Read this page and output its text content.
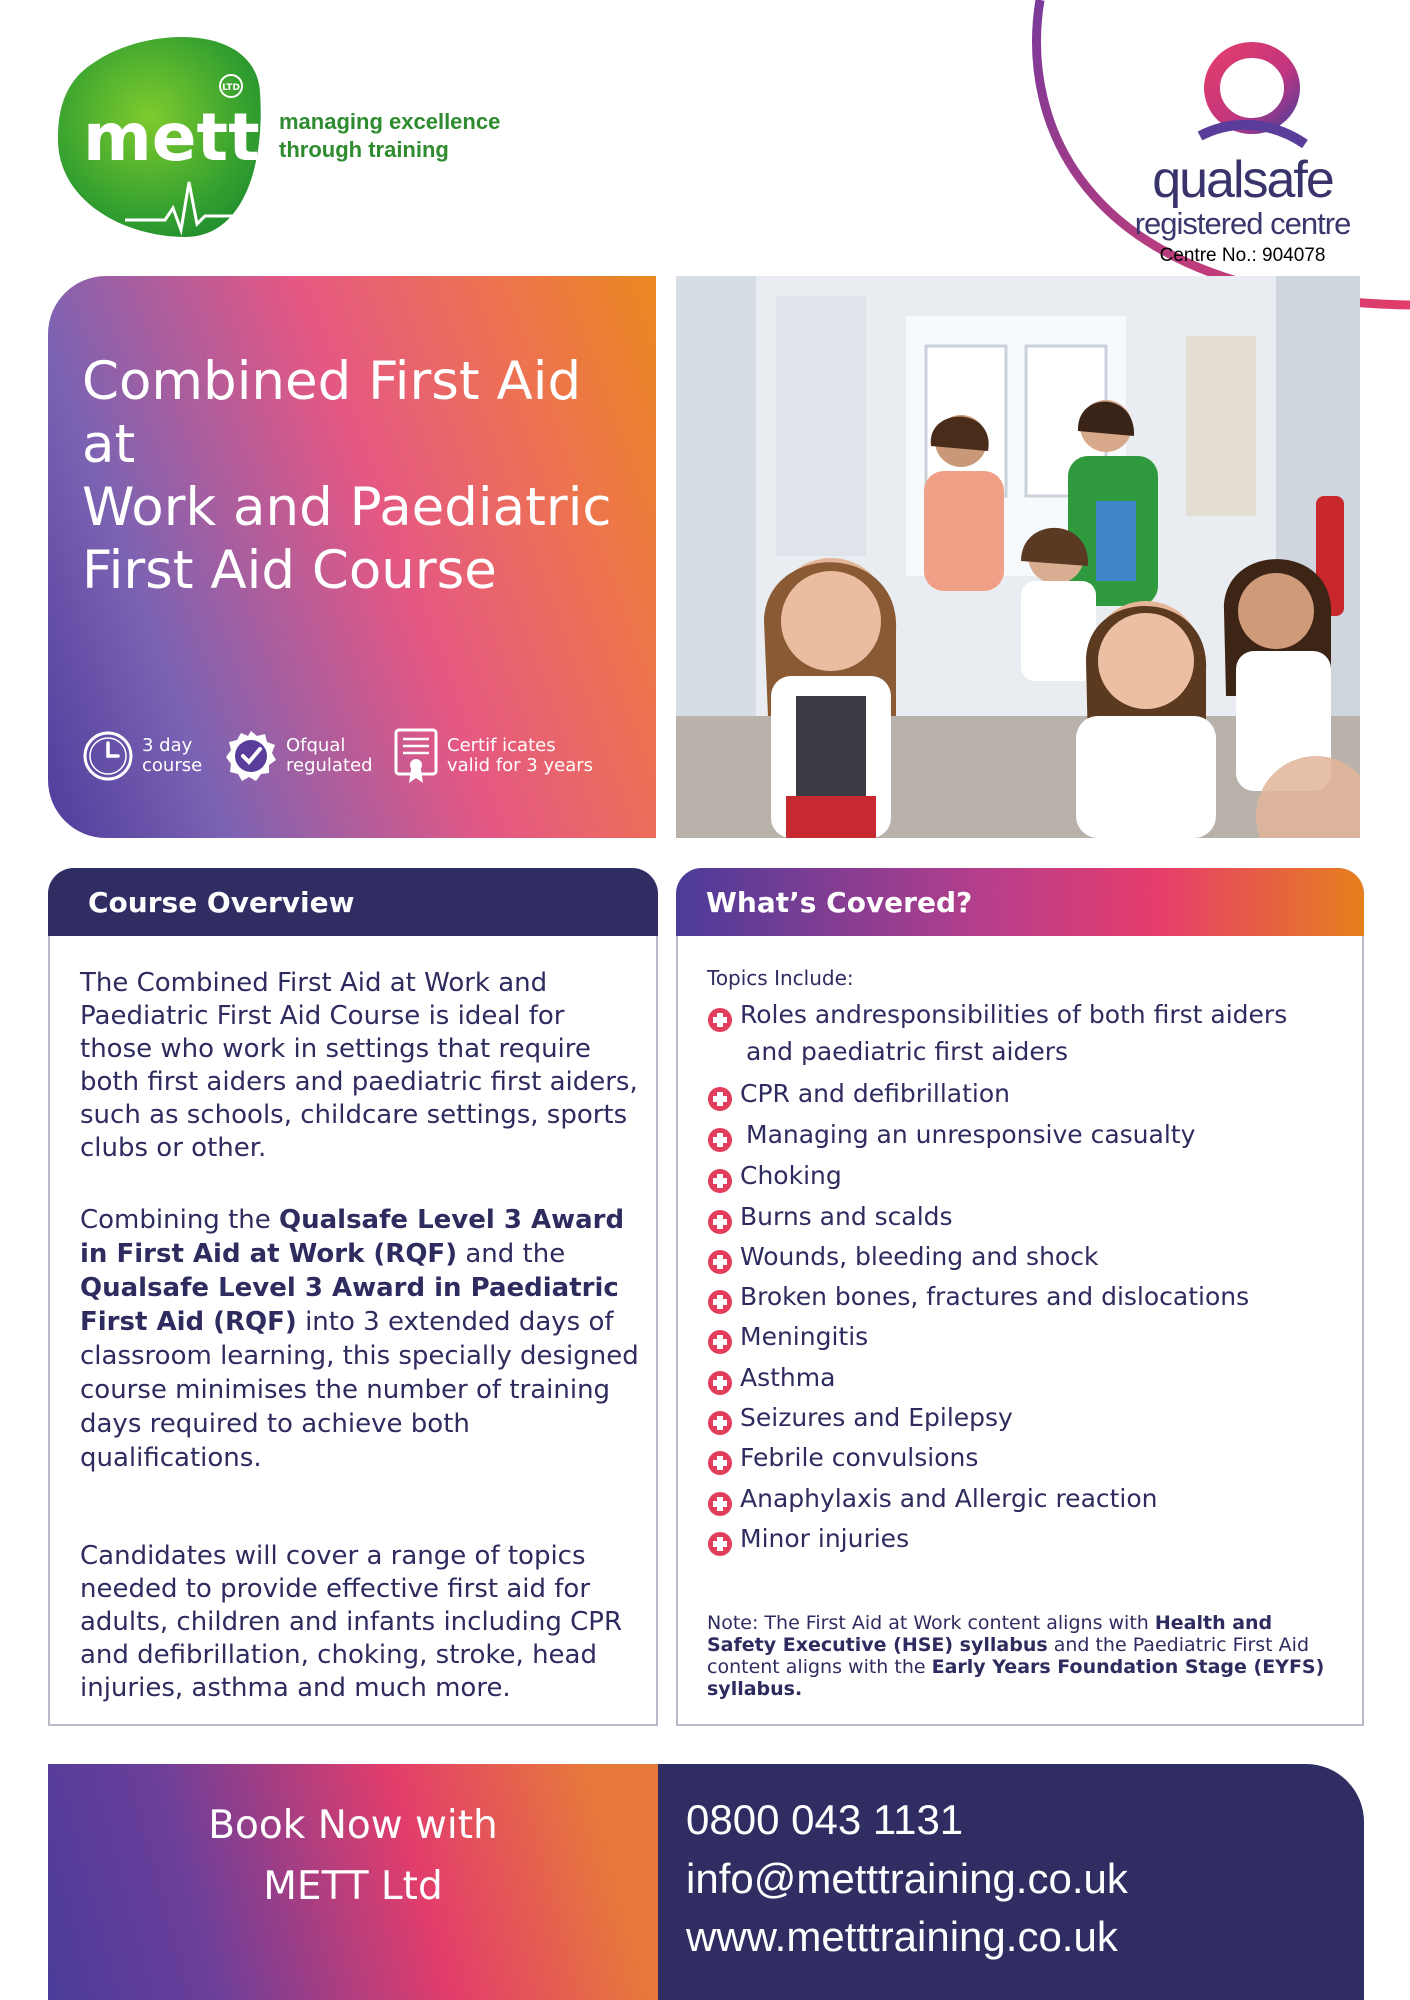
LTD
mett managing excellence
through training
qualsafe
registered centre
Centre No.: 904078
Combined First Aid at
Work and Paediatric
First Aid Course
3 day
course
Ofqual
regulated
Certif icates
valid for 3 years
Course Overview	What’s Covered?
The Combined First Aid at Work and Paediatric First Aid Course is ideal for those who work in settings that require both first aiders and paediatric first aiders, such as schools, childcare settings, sports clubs or other.
Combining the Qualsafe Level 3 Award in First Aid at Work (RQF) and the Qualsafe Level 3 Award in Paediatric First Aid (RQF) into 3 extended days of classroom learning, this specially designed course minimises the number of training days required to achieve both qualifications.
Candidates will cover a range of topics needed to provide effective first aid for adults, children and infants including CPR and defibrillation, choking, stroke, head injuries, asthma and much more.
Topics Include:
Roles andresponsibilities of both first aiders
and paediatric first aiders
CPR and defibrillation
Managing an unresponsive casualty
Choking
Burns and scalds
Wounds, bleeding and shock
Broken bones, fractures and dislocations
Meningitis
Asthma
Seizures and Epilepsy
Febrile convulsions
Anaphylaxis and Allergic reaction
Minor injuries
Note: The First Aid at Work content aligns with Health and Safety Executive (HSE) syllabus and the Paediatric First Aid content aligns with the Early Years Foundation Stage (EYFS) syllabus.
Book Now with
METT Ltd
0800 043 1131
info@metttraining.co.uk
www.metttraining.co.uk
